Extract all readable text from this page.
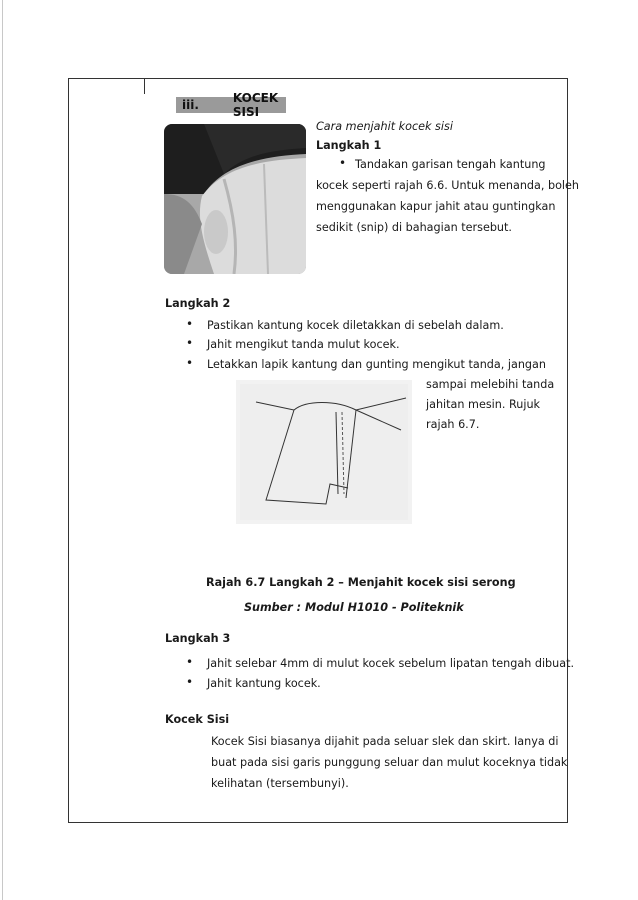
iii.	KOCEK SISI
Cara menjahit kocek sisi
Langkah 1
• Tandakan garisan tengah kantung
kocek seperti rajah 6.6. Untuk menanda, boleh
menggunakan kapur jahit atau guntingkan
sedikit (snip) di bahagian tersebut.
Langkah 2
• Pastikan kantung kocek diletakkan di sebelah dalam.
• Jahit mengikut tanda mulut kocek.
• Letakkan lapik kantung dan gunting mengikut tanda, jangan
sampai melebihi tanda
jahitan mesin. Rujuk
rajah 6.7.
Rajah 6.7 Langkah 2 – Menjahit kocek sisi serong
Sumber : Modul H1010 - Politeknik
Langkah 3
• Jahit selebar 4mm di mulut kocek sebelum lipatan tengah dibuat.
• Jahit kantung kocek.
Kocek Sisi
Kocek Sisi biasanya dijahit pada seluar slek dan skirt. Ianya di
buat pada sisi garis punggung seluar dan mulut koceknya tidak
kelihatan (tersembunyi).
